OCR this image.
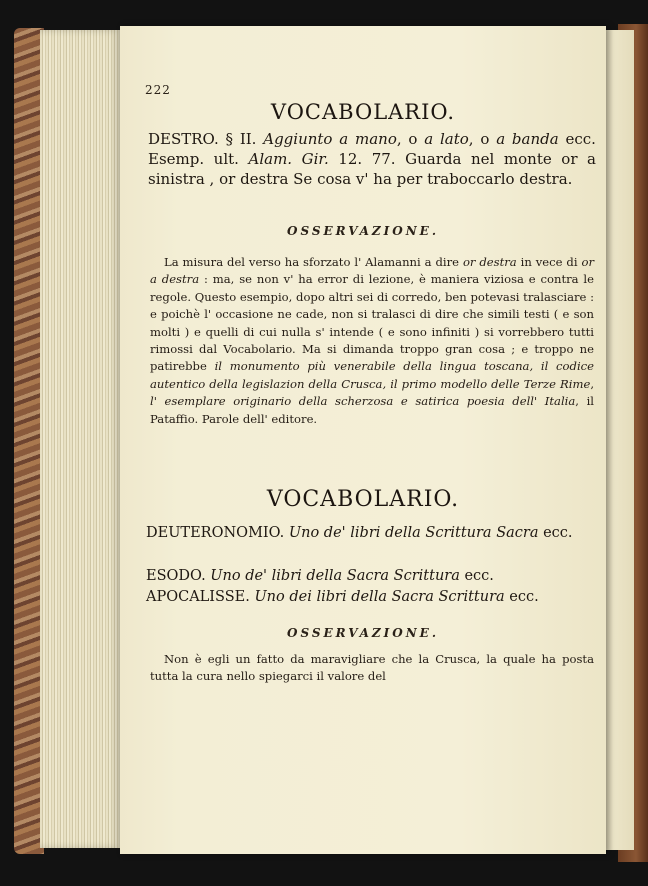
222

VOCABOLARIO.

DESTRO. § II. Aggiunto a mano, o a lato, o a banda ecc. Esemp. ult. Alam. Gir. 12. 77. Guarda nel monte or a sinistra , or destra Se cosa v' ha per traboccarlo destra.

OSSERVAZIONE.

La misura del verso ha sforzato l' Alamanni a dire or destra in vece di or a destra : ma, se non v' ha error di lezione, è maniera viziosa e contra le regole. Questo esempio, dopo altri sei di corredo, ben potevasi tralasciare : e poichè l' occasione ne cade, non si tralasci di dire che simili testi ( e son molti ) e quelli di cui nulla s' intende ( e sono infiniti ) si vorrebbero tutti rimossi dal Vocabolario. Ma si dimanda troppo gran cosa ; e troppo ne patirebbe il monumento più venerabile della lingua toscana, il codice autentico della legislazion della Crusca, il primo modello delle Terze Rime, l' esemplare originario della scherzosa e satirica poesia dell' Italia, il Pataffio. Parole dell' editore.

VOCABOLARIO.

DEUTERONOMIO. Uno de' libri della Scrittura Sacra ecc.

ESODO. Uno de' libri della Sacra Scrittura ecc.

APOCALISSE. Uno dei libri della Sacra Scrittura ecc.

OSSERVAZIONE.

Non è egli un fatto da maravigliare che la Crusca, la quale ha posta tutta la cura nello spiegarci il valore del
